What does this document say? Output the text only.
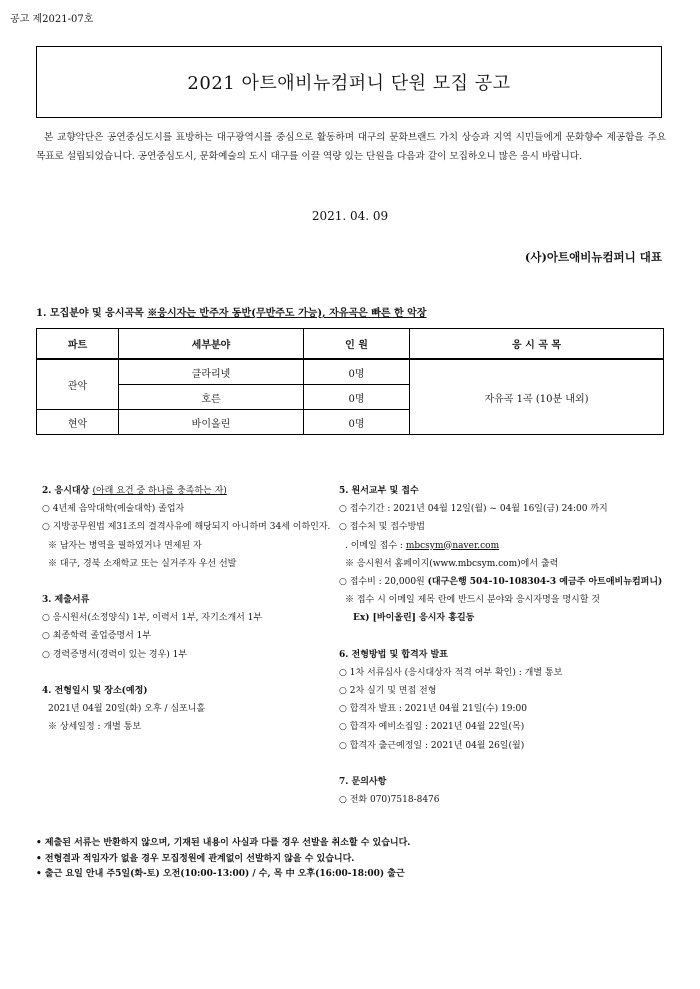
공고 제2021-07호
2021 아트애비뉴컴퍼니 단원 모집 공고
본 교향악단은 공연중심도시를 표방하는 대구광역시를 중심으로 활동하며 대구의 문화브랜드 가치 상승과 지역 시민들에게 문화향수 제공함을 주요 목표로 설립되었습니다. 공연중심도시, 문화예술의 도시 대구를 이끌 역량 있는 단원을 다음과 같이 모집하오니 많은 응시 바랍니다.
2021. 04. 09
(사)아트애비뉴컴퍼니 대표
1. 모집분야 및 응시곡목 ※응시자는 반주자 동반(무반주도 가능), 자유곡은 빠른 한 악장
파트	세부분야	인 원	응 시 곡 목
관악	클라리넷	0명	자유곡 1곡 (10분 내외)
	호른	0명	
현악	바이올린	0명	
2. 응시대상 (아래 요건 중 하나를 충족하는 자)
○ 4년제 음악대학(예술대학) 졸업자
○ 지방공무원법 제31조의 결격사유에 해당되지 아니하며 34세 이하인자.
※ 남자는 병역을 필하였거나 면제된 자
※ 대구, 경북 소재학교 또는 실거주자 우선 선발
3. 제출서류
○ 응시원서(소정양식) 1부, 이력서 1부, 자기소개서 1부
○ 최종학력 졸업증명서 1부
○ 경력증명서(경력이 있는 경우) 1부
4. 전형일시 및 장소(예정)
2021년 04월 20일(화) 오후 / 심포니홀
※ 상세일정 : 개별 통보
5. 원서교부 및 접수
○ 접수기간 : 2021년 04월 12일(월) ~ 04월 16일(금) 24:00 까지
○ 접수처 및 접수방법
. 이메일 접수 : mbcsym@naver.com
※ 응시원서 홈페이지(www.mbcsym.com)에서 출력
○ 접수비 : 20,000원 (대구은행 504-10-108304-3 예금주 아트애비뉴컴퍼니)
※ 접수 시 이메일 제목 란에 반드시 분야와 응시자명을 명시할 것
Ex) [바이올린] 응시자 홍길동
6. 전형방법 및 합격자 발표
○ 1차 서류심사 (응시대상자 적격 여부 확인) : 개별 통보
○ 2차 실기 및 면접 전형
○ 합격자 발표 : 2021년 04월 21일(수) 19:00
○ 합격자 예비소집일 : 2021년 04월 22일(목)
○ 합격자 출근예정일 : 2021년 04월 26일(월)
7. 문의사항
○ 전화 070)7518-8476
• 제출된 서류는 반환하지 않으며, 기재된 내용이 사실과 다를 경우 선발을 취소할 수 있습니다.
• 전형결과 적임자가 없을 경우 모집정원에 관계없이 선발하지 않을 수 있습니다.
• 출근 요일 안내 주5일(화-토) 오전(10:00-13:00) / 수, 목 中 오후(16:00-18:00) 출근
